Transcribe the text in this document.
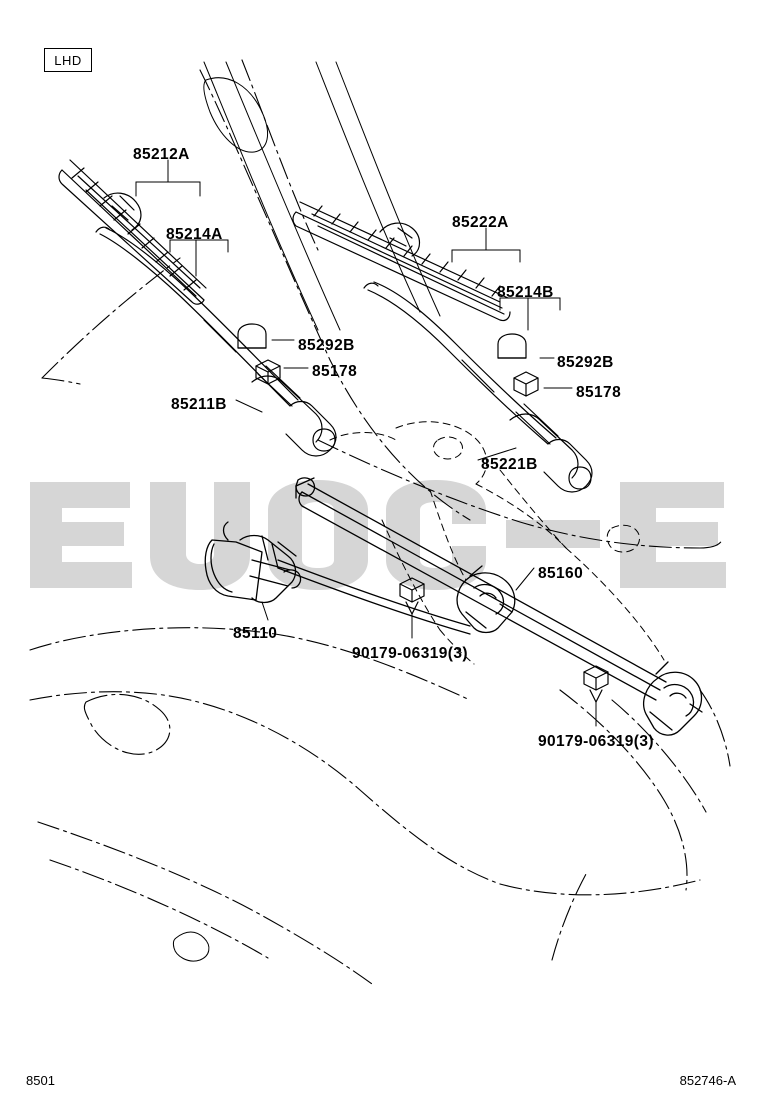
LHD
85212A
85214A
85222A
85214B
85292B
85178
85292B
85178
85211B
85221B
85160
85110
90179-06319(3)
90179-06319(3)
8501	852746-A
